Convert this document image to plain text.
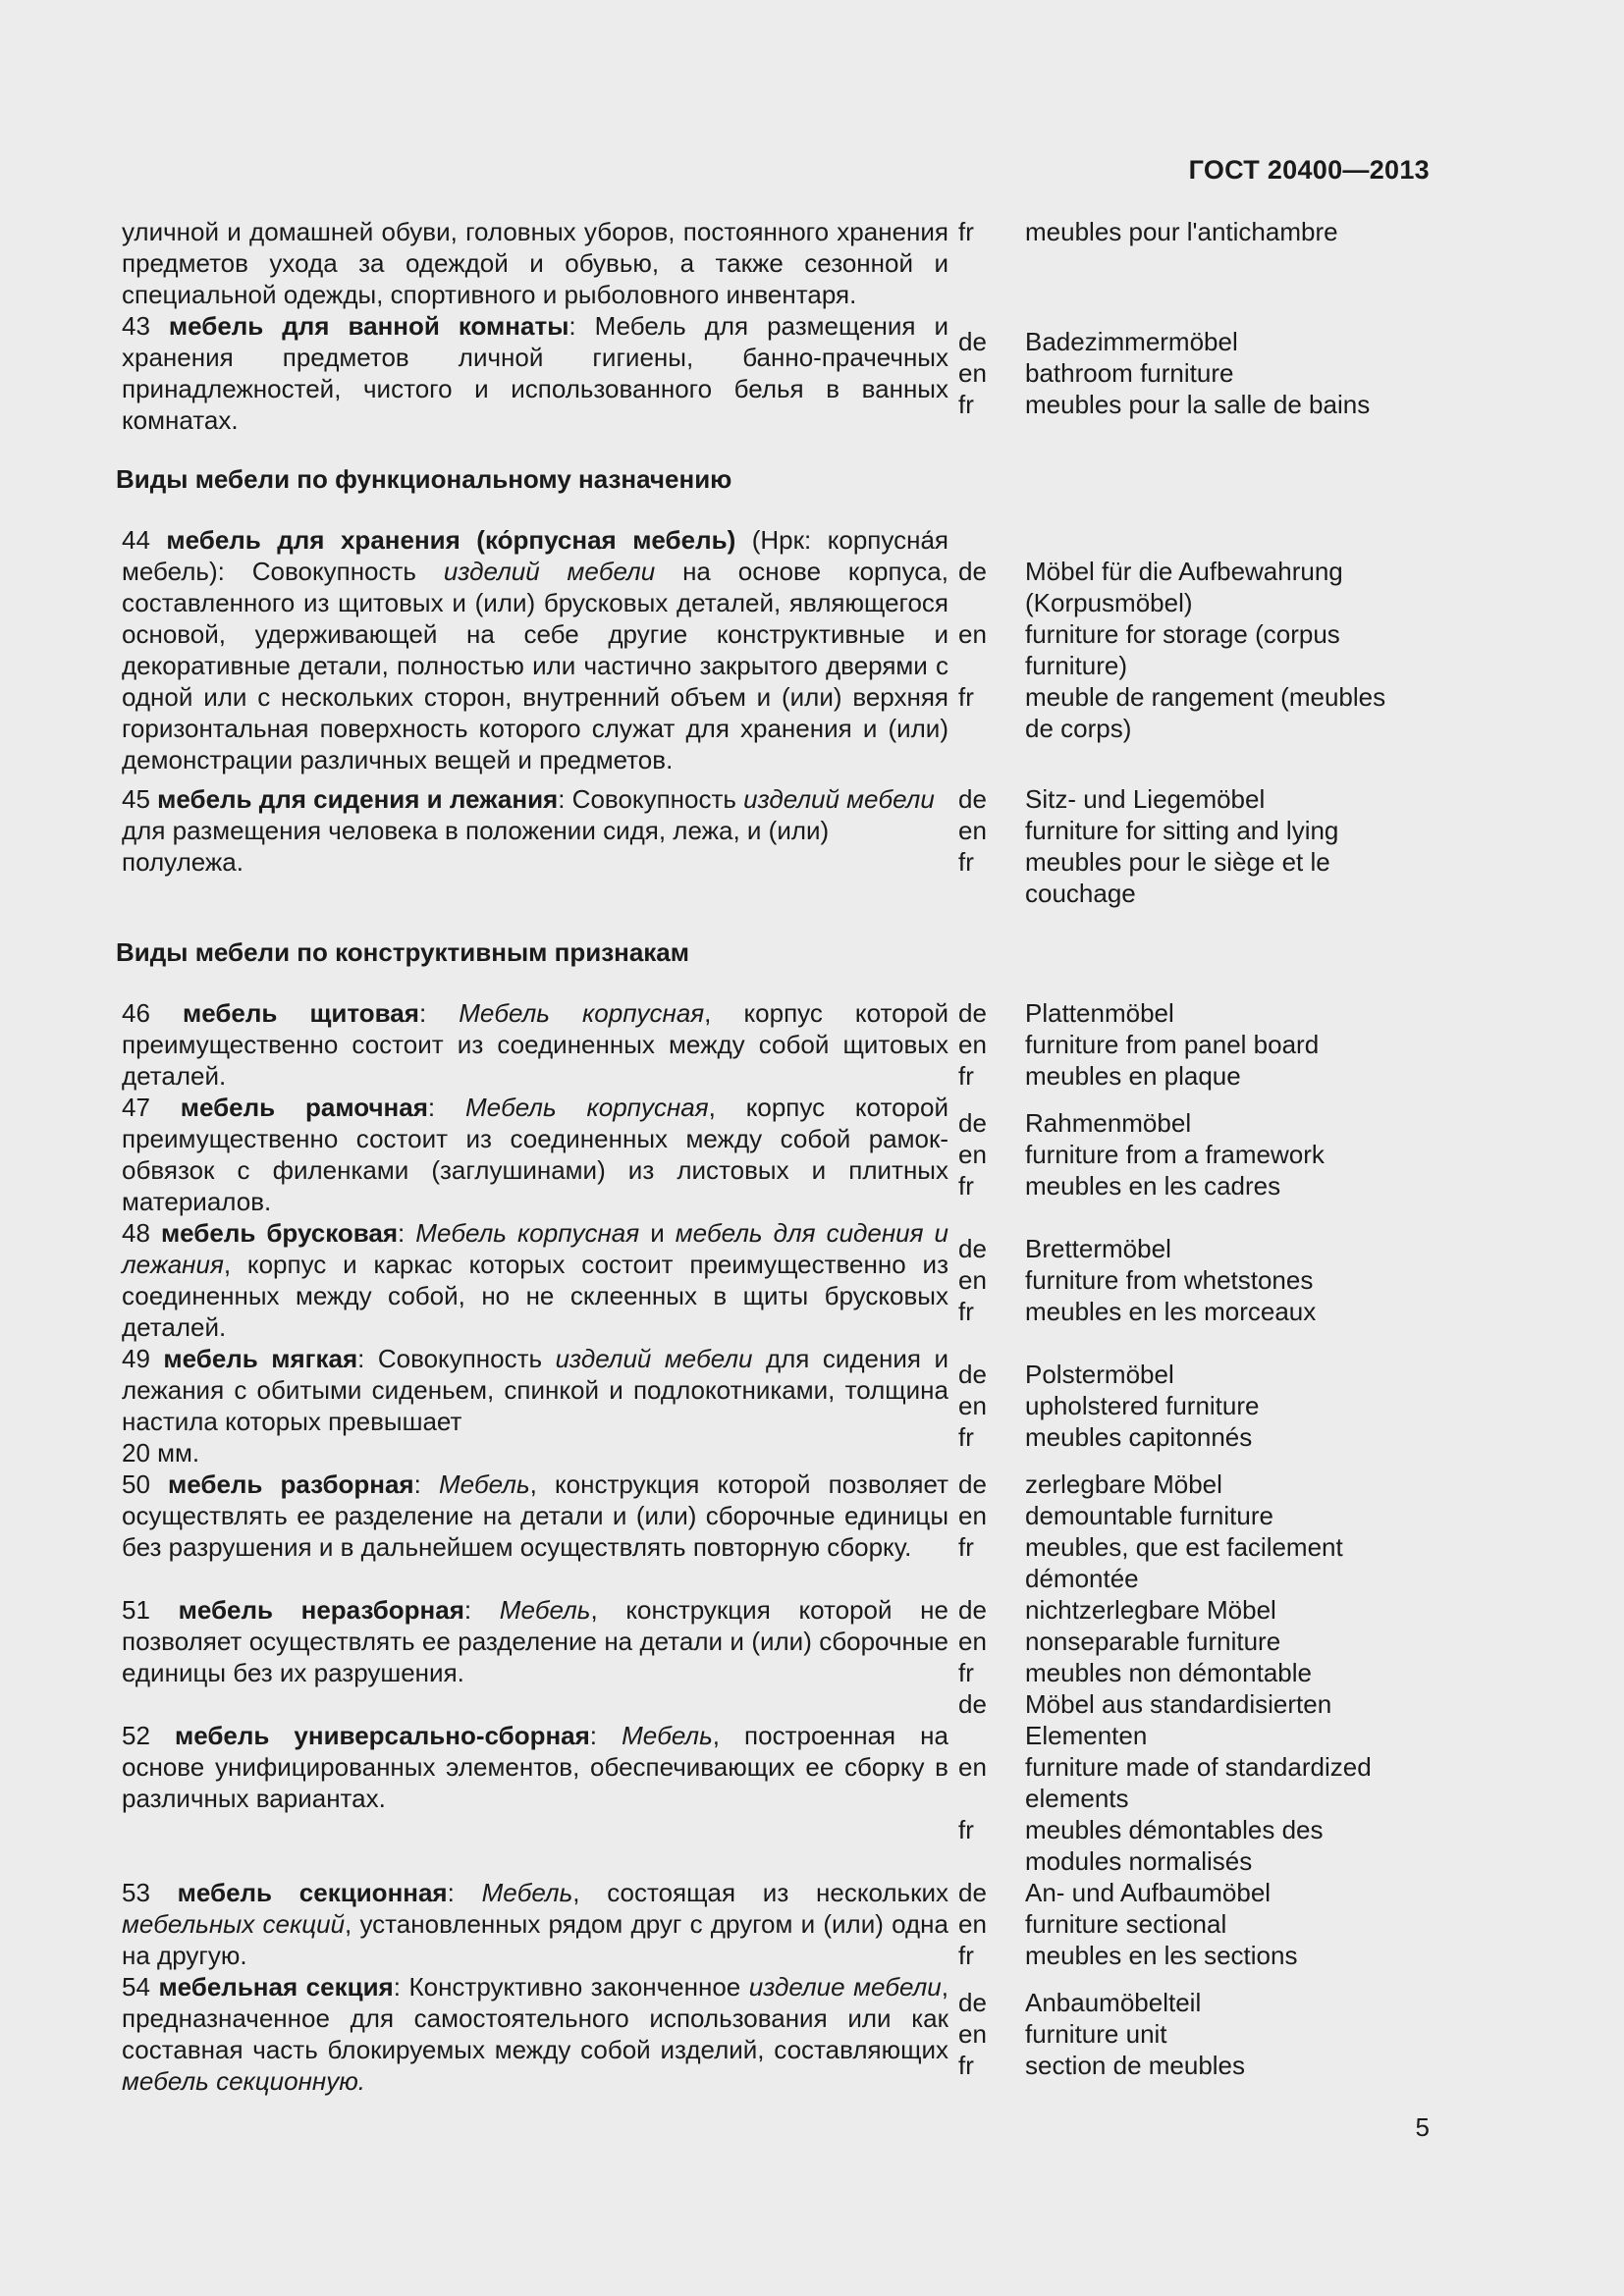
ГОСТ 20400—2013
уличной и домашней обуви, головных уборов, постоянного хранения предметов ухода за одеждой и обувью, а также сезонной и специальной одежды, спортивного и рыболовного инвентаря.
fr	meubles pour l'antichambre
43 мебель для ванной комнаты: Мебель для размещения и хранения предметов личной гигиены, банно-прачечных принадлежностей, чистого и использованного белья в ванных комнатах.
de
en
fr
Badezimmermöbel
bathroom furniture
meubles pour la salle de bains
Виды мебели по функциональному назначению
44 мебель для хранения (ко́рпусная мебель) (Нрк: корпусна́я мебель): Совокупность изделий мебели на основе корпуса, составленного из щитовых и (или) брусковых деталей, являющегося основой, удерживающей на себе другие конструктивные и декоративные детали, полностью или частично закрытого дверями с одной или с нескольких сторон, внутренний объем и (или) верхняя горизонтальная поверхность которого служат для хранения и (или) демонстрации различных вещей и предметов.
de
en
fr
Möbel für die Aufbewahrung
(Korpusmöbel)
furniture for storage (corpus
furniture)
meuble de rangement (meubles
de corps)
45 мебель для сидения и лежания: Совокупность изделий мебели для размещения человека в положении сидя, лежа, и (или) полулежа.
de
en
fr
Sitz- und Liegemöbel
furniture for sitting and lying
meubles pour le siège et le
couchage
Виды мебели по конструктивным признакам
46 мебель щитовая: Мебель корпусная, корпус которой преимущественно состоит из соединенных между собой щитовых деталей.
de
en
fr
Plattenmöbel
furniture from panel board
meubles en plaque
47 мебель рамочная: Мебель корпусная, корпус которой преимущественно состоит из соединенных между собой рамок-обвязок с филенками (заглушинами) из листовых и плитных материалов.
de
en
fr
Rahmenmöbel
furniture from a framework
meubles en les cadres
48 мебель брусковая: Мебель корпусная и мебель для сидения и лежания, корпус и каркас которых состоит преимущественно из соединенных между собой, но не склеенных в щиты брусковых деталей.
de
en
fr
Brettermöbel
furniture from whetstones
meubles en les morceaux
49 мебель мягкая: Совокупность изделий мебели для сидения и лежания с обитыми сиденьем, спинкой и подлокотниками, толщина настила которых превышает
20 мм.
de
en
fr
Polstermöbel
upholstered furniture
meubles capitonnés
50 мебель разборная: Мебель, конструкция которой позволяет осуществлять ее разделение на детали и (или) сборочные единицы без разрушения и в дальнейшем осуществлять повторную сборку.
de
en
fr
zerlegbare Möbel
demountable furniture
meubles, que est facilement
démontée
51 мебель неразборная: Мебель, конструкция которой не позволяет осуществлять ее разделение на детали и (или) сборочные единицы без их разрушения.
de
en
fr
nichtzerlegbare Möbel
nonseparable furniture
meubles non démontable
52 мебель универсально-сборная: Мебель, построенная на основе унифицированных элементов, обеспечивающих ее сборку в различных вариантах.
de
en
fr
Möbel aus standardisierten
Elementen
furniture made of standardized
elements
meubles démontables des
modules normalisés
53 мебель секционная: Мебель, состоящая из нескольких мебельных секций, установленных рядом друг с другом и (или) одна на другую.
de
en
fr
An- und Aufbaumöbel
furniture sectional
meubles en les sections
54 мебельная секция: Конструктивно законченное изделие мебели, предназначенное для самостоятельного использования или как составная часть блокируемых между собой изделий, составляющих мебель секционную.
de
en
fr
Anbaumöbelteil
furniture unit
section de meubles
5
